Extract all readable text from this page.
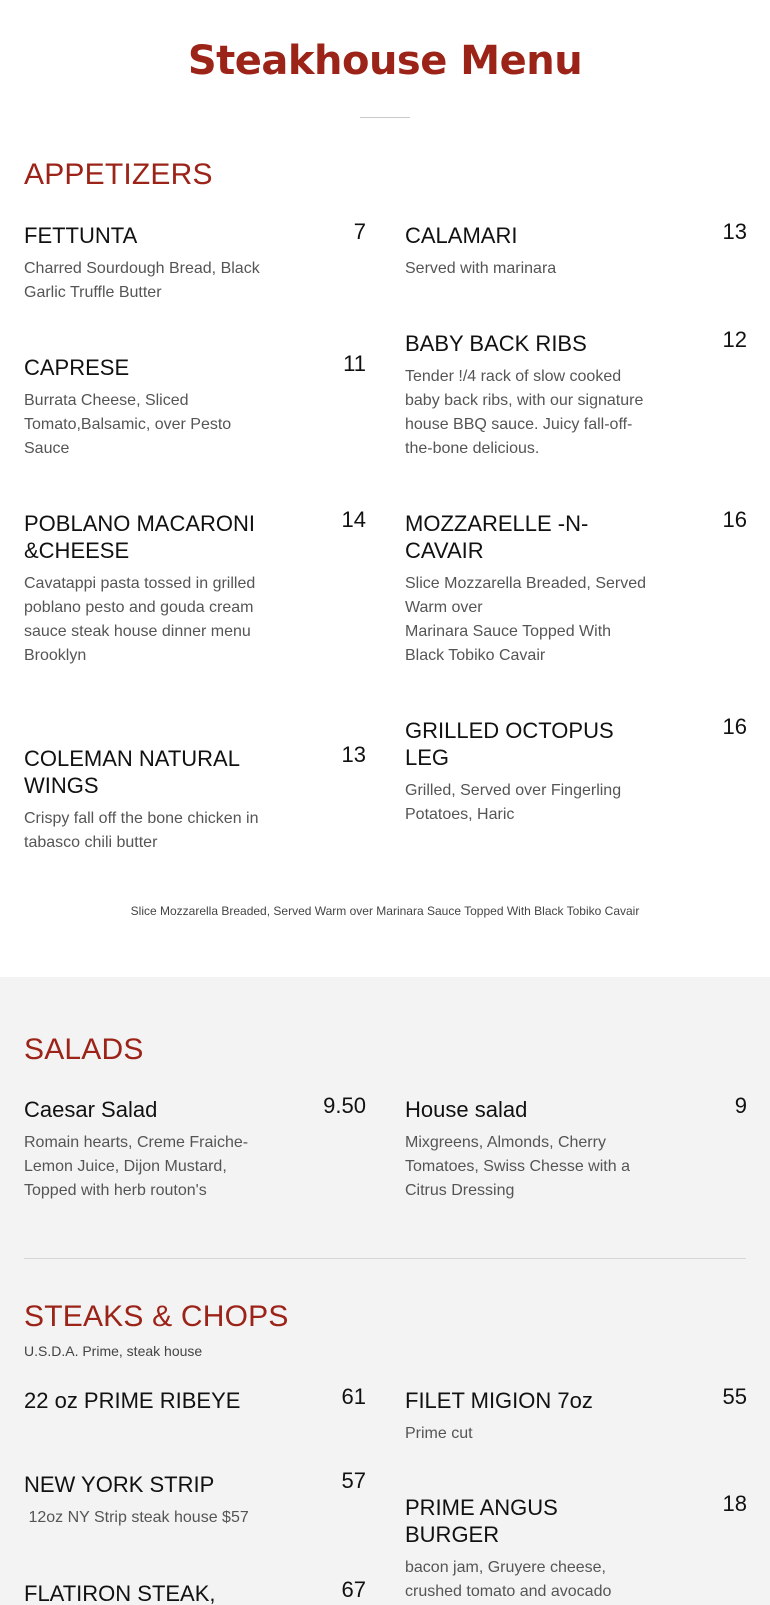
Steakhouse Menu
APPETIZERS
FETTUNTA	7
Charred Sourdough Bread, Black Garlic Truffle Butter
CALAMARI	13
Served with marinara
CAPRESE	11
Burrata Cheese, Sliced Tomato,Balsamic, over Pesto Sauce
BABY BACK RIBS	12
Tender !/4 rack of slow cooked baby back ribs, with our signature house BBQ sauce. Juicy fall-off-the-bone delicious.
POBLANO MACARONI &CHEESE
14
Cavatappi pasta tossed in grilled poblano pesto and gouda cream sauce steak house dinner menu Brooklyn
MOZZARELLE -N-CAVAIR
16
Slice Mozzarella Breaded, Served Warm over
Marinara Sauce Topped With Black Tobiko Cavair
COLEMAN NATURAL WINGS
13
Crispy fall off the bone chicken in tabasco chili butter
GRILLED OCTOPUS LEG
16
Grilled, Served over Fingerling Potatoes, Haric
Slice Mozzarella Breaded, Served Warm over Marinara Sauce Topped With Black Tobiko Cavair
SALADS
Caesar Salad	9.50
Romain hearts, Creme Fraiche-Lemon Juice, Dijon Mustard, Topped with herb routon's
House salad	9
Mixgreens, Almonds, Cherry Tomatoes, Swiss Chesse with a Citrus Dressing
STEAKS & CHOPS
U.S.D.A. Prime, steak house
22 oz PRIME RIBEYE	61 FILET MIGION 7oz	55
Prime cut
NEW YORK STRIP	57
12oz NY Strip steak house $57	PRIME ANGUS BURGER
18
bacon jam, Gruyere cheese,
crushed tomato and avocado
FLATIRON STEAK,	67
